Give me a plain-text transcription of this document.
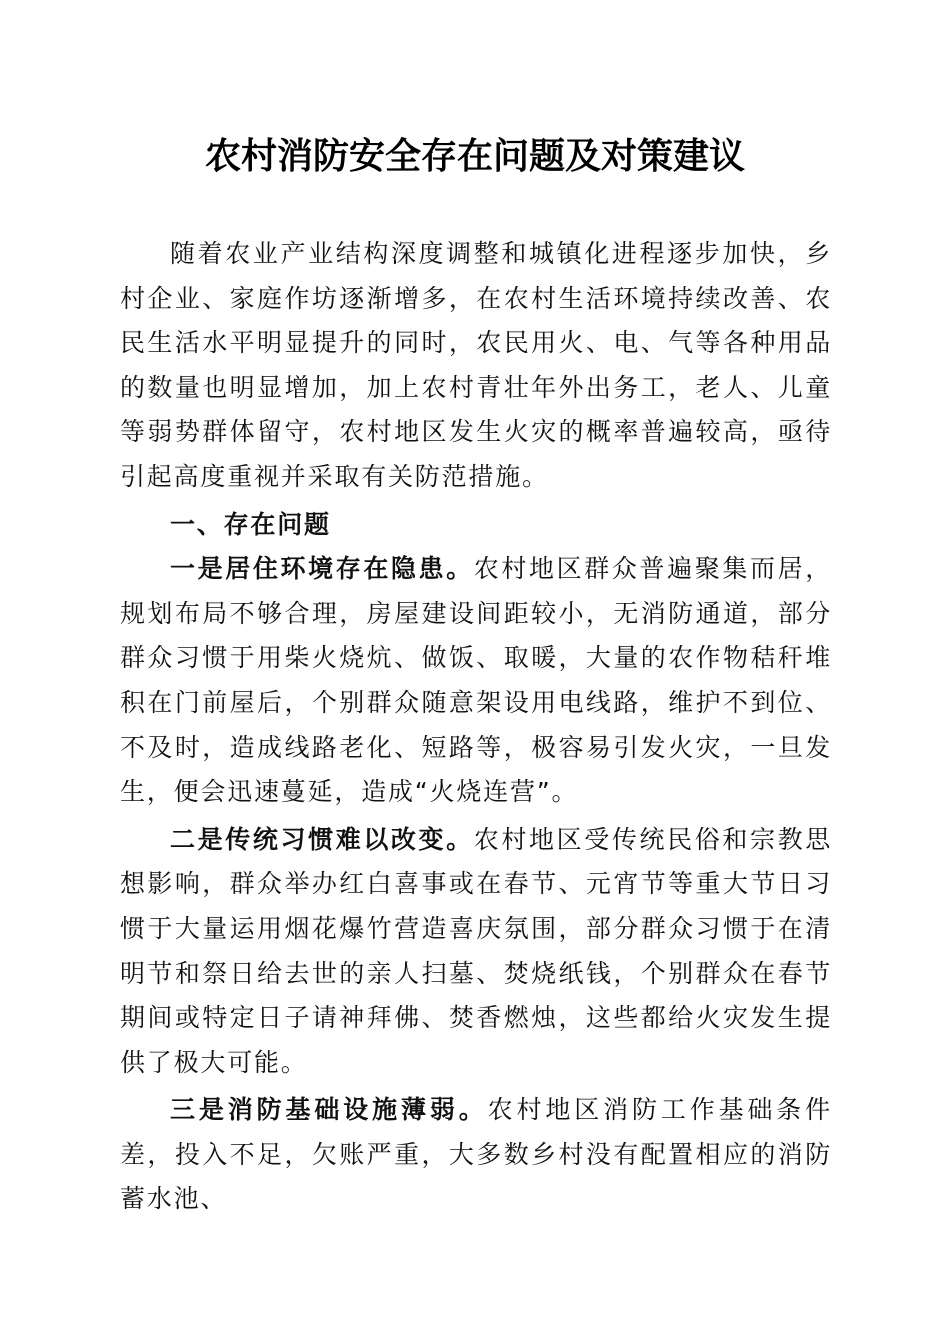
农村消防安全存在问题及对策建议

随着农业产业结构深度调整和城镇化进程逐步加快，乡村企业、家庭作坊逐渐增多，在农村生活环境持续改善、农民生活水平明显提升的同时，农民用火、电、气等各种用品的数量也明显增加，加上农村青壮年外出务工，老人、儿童等弱势群体留守，农村地区发生火灾的概率普遍较高，亟待引起高度重视并采取有关防范措施。

一、存在问题

一是居住环境存在隐患。农村地区群众普遍聚集而居，规划布局不够合理，房屋建设间距较小，无消防通道，部分群众习惯于用柴火烧炕、做饭、取暖，大量的农作物秸秆堆积在门前屋后，个别群众随意架设用电线路，维护不到位、不及时，造成线路老化、短路等，极容易引发火灾，一旦发生，便会迅速蔓延，造成“火烧连营”。

二是传统习惯难以改变。农村地区受传统民俗和宗教思想影响，群众举办红白喜事或在春节、元宵节等重大节日习惯于大量运用烟花爆竹营造喜庆氛围，部分群众习惯于在清明节和祭日给去世的亲人扫墓、焚烧纸钱，个别群众在春节期间或特定日子请神拜佛、焚香燃烛，这些都给火灾发生提供了极大可能。

三是消防基础设施薄弱。农村地区消防工作基础条件差，投入不足，欠账严重，大多数乡村没有配置相应的消防蓄水池、
